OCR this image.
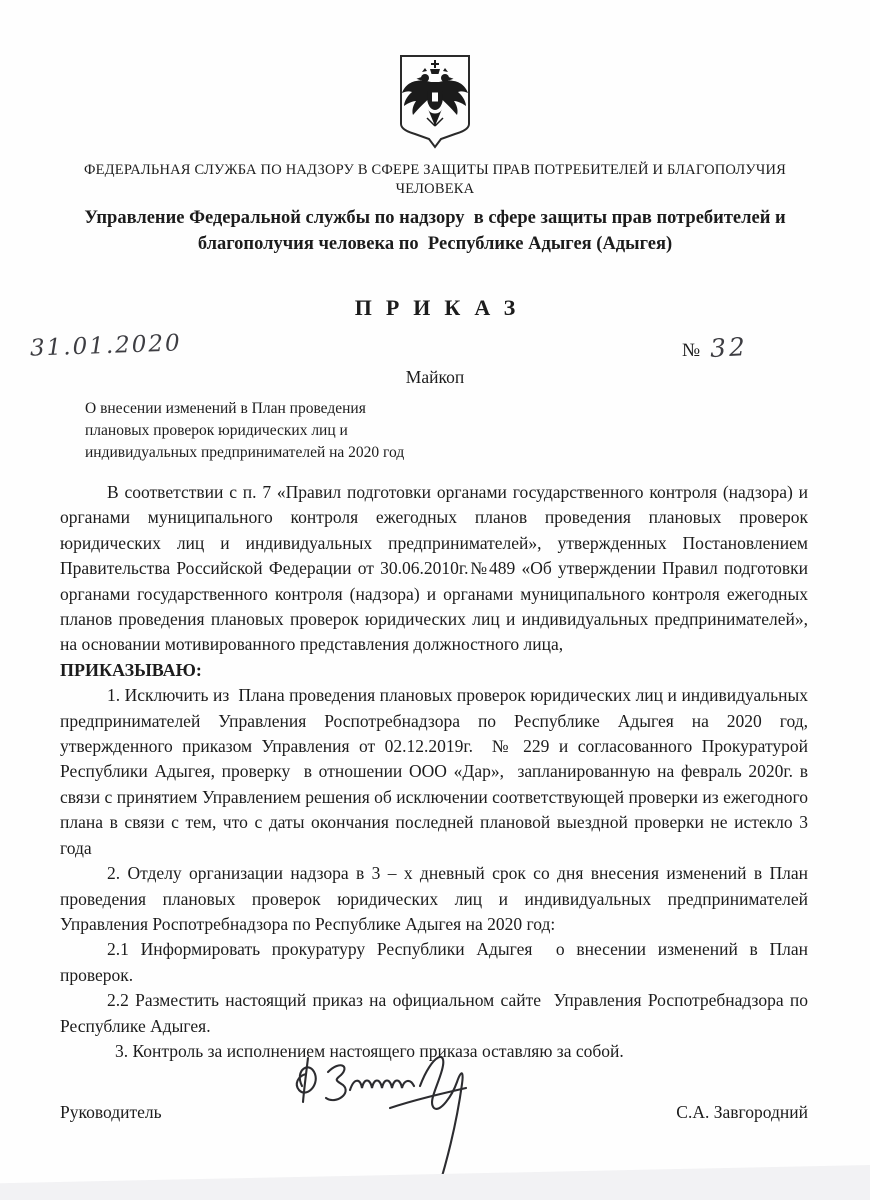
ФЕДЕРАЛЬНАЯ СЛУЖБА ПО НАДЗОРУ В СФЕРЕ ЗАЩИТЫ ПРАВ ПОТРЕБИТЕЛЕЙ И БЛАГОПОЛУЧИЯ ЧЕЛОВЕКА
Управление Федеральной службы по надзору  в сфере защиты прав потребителей и благополучия человека по  Республике Адыгея (Адыгея)
ПРИКАЗ
31.01.2020	№ 32
Майкоп
О внесении изменений в План проведения
плановых проверок юридических лиц и
индивидуальных предпринимателей на 2020 год

В соответствии с п. 7 «Правил подготовки органами государственного контроля (надзора) и органами муниципального контроля ежегодных планов проведения плановых проверок юридических лиц и индивидуальных предпринимателей», утвержденных Постановлением Правительства Российской Федерации от 30.06.2010г.№489 «Об утверждении Правил подготовки органами государственного контроля (надзора) и органами муниципального контроля ежегодных планов проведения плановых проверок юридических лиц и индивидуальных предпринимателей», на основании мотивированного представления должностного лица,

ПРИКАЗЫВАЮ:

1. Исключить из  Плана проведения плановых проверок юридических лиц и индивидуальных предпринимателей Управления Роспотребнадзора по Республике Адыгея на 2020 год, утвержденного приказом Управления от 02.12.2019г.  № 229 и согласованного Прокуратурой Республики Адыгея, проверку  в отношении ООО «Дар»,  запланированную на февраль 2020г. в связи с принятием Управлением решения об исключении соответствующей проверки из ежегодного плана в связи с тем, что с даты окончания последней плановой выездной проверки не истекло 3 года

2. Отделу организации надзора в 3 – х дневный срок со дня внесения изменений в План проведения плановых проверок юридических лиц и индивидуальных предпринимателей Управления Роспотребнадзора по Республике Адыгея на 2020 год:

2.1 Информировать прокуратуру Республики Адыгея  о внесении изменений в План проверок.

2.2 Разместить настоящий приказ на официальном сайте  Управления Роспотребнадзора по Республике Адыгея.

3. Контроль за исполнением настоящего приказа оставляю за собой.

Руководитель	С.А. Завгородний
